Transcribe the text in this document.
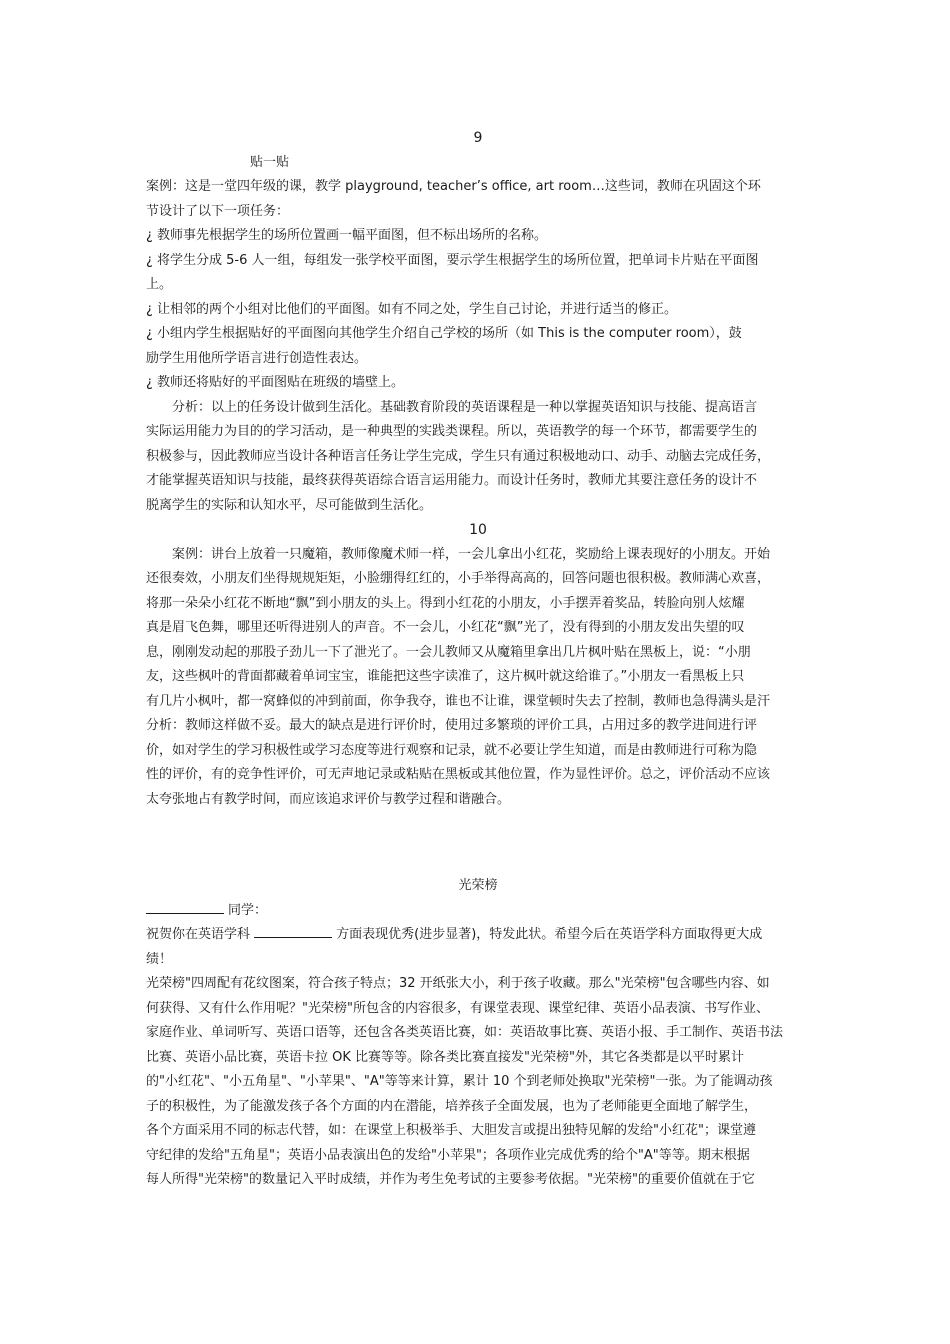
9
贴一贴
案例：这是一堂四年级的课，教学 playground, teacher’s office, art room…这些词，教师在巩固这个环
节设计了以下一项任务：
¿ 教师事先根据学生的场所位置画一幅平面图，但不标出场所的名称。
¿ 将学生分成 5-6 人一组，每组发一张学校平面图，要示学生根据学生的场所位置，把单词卡片贴在平面图
上。
¿ 让相邻的两个小组对比他们的平面图。如有不同之处，学生自己讨论，并进行适当的修正。
¿ 小组内学生根据贴好的平面图向其他学生介绍自己学校的场所（如 This is the computer room），鼓
励学生用他所学语言进行创造性表达。
¿ 教师还将贴好的平面图贴在班级的墙壁上。
分析：以上的任务设计做到生活化。基础教育阶段的英语课程是一种以掌握英语知识与技能、提高语言
实际运用能力为目的的学习活动，是一种典型的实践类课程。所以，英语教学的每一个环节，都需要学生的
积极参与，因此教师应当设计各种语言任务让学生完成，学生只有通过积极地动口、动手、动脑去完成任务，
才能掌握英语知识与技能，最终获得英语综合语言运用能力。而设计任务时，教师尤其要注意任务的设计不
脱离学生的实际和认知水平，尽可能做到生活化。
10
案例：讲台上放着一只魔箱，教师像魔术师一样，一会儿拿出小红花，奖励给上课表现好的小朋友。开始
还很奏效，小朋友们坐得规规矩矩，小脸绷得红红的，小手举得高高的，回答问题也很积极。教师满心欢喜，
将那一朵朵小红花不断地“飘”到小朋友的头上。得到小红花的小朋友，小手摆弄着奖品，转脸向别人炫耀
真是眉飞色舞，哪里还听得进别人的声音。不一会儿，小红花“飘”光了，没有得到的小朋友发出失望的叹
息，刚刚发动起的那股子劲儿一下了泄光了。一会儿教师又从魔箱里拿出几片枫叶贴在黑板上，说：“小朋
友，这些枫叶的背面都藏着单词宝宝，谁能把这些字读准了，这片枫叶就这给谁了。”小朋友一看黑板上只
有几片小枫叶，都一窝蜂似的冲到前面，你争我夺，谁也不让谁，课堂顿时失去了控制，教师也急得满头是汗
分析：教师这样做不妥。最大的缺点是进行评价时，使用过多繁琐的评价工具，占用过多的教学进间进行评
价，如对学生的学习积极性或学习态度等进行观察和记录，就不必要让学生知道，而是由教师进行可称为隐
性的评价，有的竞争性评价，可无声地记录或粘贴在黑板或其他位置，作为显性评价。总之，评价活动不应该
太夸张地占有教学时间，而应该追求评价与教学过程和谐融合。
光荣榜
同学：
祝贺你在英语学科	方面表现优秀(进步显著)，特发此状。希望今后在英语学科方面取得更大成
绩！
光荣榜"四周配有花纹图案，符合孩子特点；32 开纸张大小，利于孩子收藏。那么"光荣榜"包含哪些内容、如
何获得、又有什么作用呢？"光荣榜"所包含的内容很多，有课堂表现、课堂纪律、英语小品表演、书写作业、
家庭作业、单词听写、英语口语等，还包含各类英语比赛，如：英语故事比赛、英语小报、手工制作、英语书法
比赛、英语小品比赛，英语卡拉 OK 比赛等等。除各类比赛直接发"光荣榜"外，其它各类都是以平时累计
的"小红花"、"小五角星"、"小苹果"、"A"等等来计算，累计 10 个到老师处换取"光荣榜"一张。为了能调动孩
子的积极性，为了能激发孩子各个方面的内在潜能，培养孩子全面发展，也为了老师能更全面地了解学生，
各个方面采用不同的标志代替，如：在课堂上积极举手、大胆发言或提出独特见解的发给"小红花"；课堂遵
守纪律的发给"五角星"；英语小品表演出色的发给"小苹果"；各项作业完成优秀的给个"A"等等。期末根据
每人所得"光荣榜"的数量记入平时成绩，并作为考生免考试的主要参考依据。"光荣榜"的重要价值就在于它
